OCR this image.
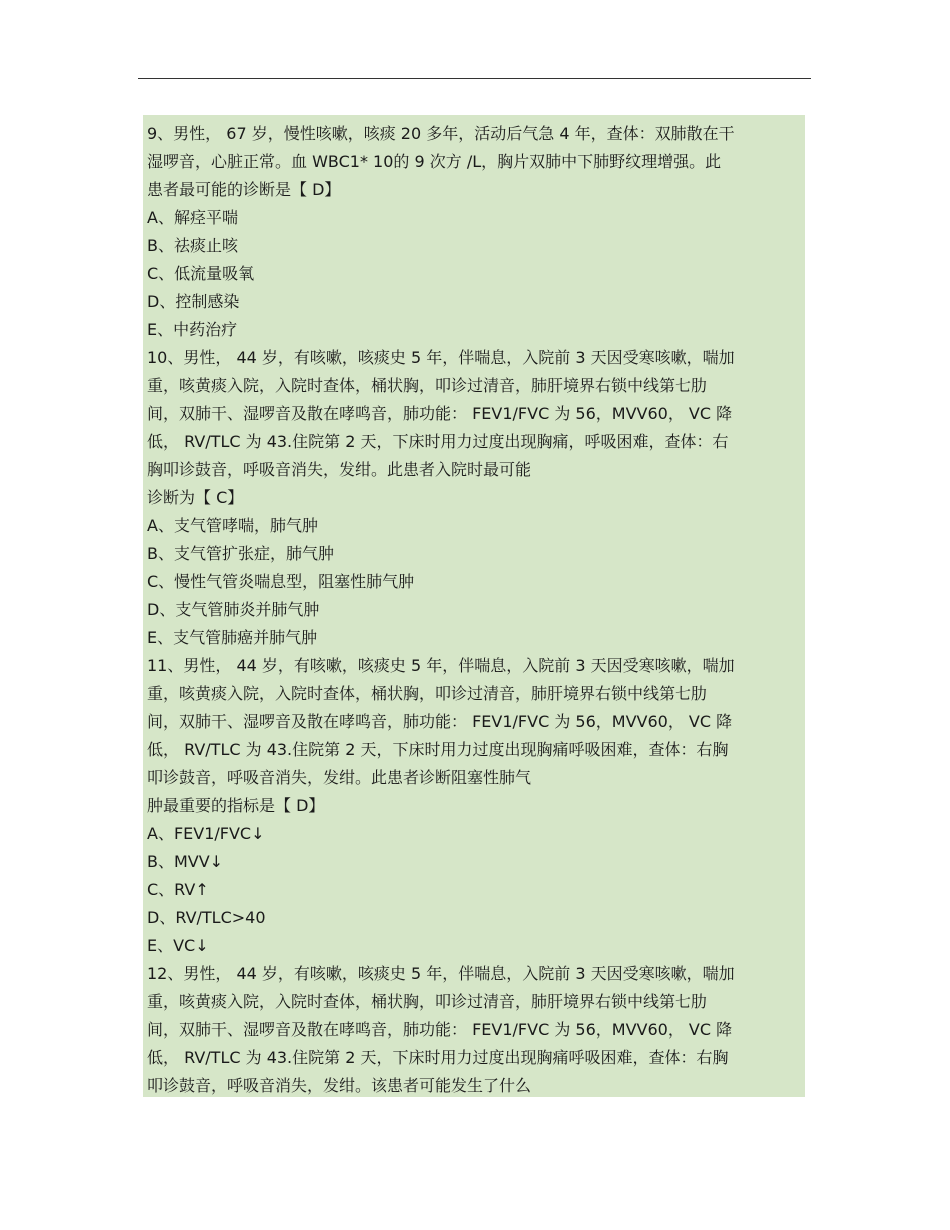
9、男性， 67 岁，慢性咳嗽，咳痰 20 多年，活动后气急 4 年，查体：双肺散在干
湿啰音，心脏正常。血 WBC1* 10的 9 次方 /L，胸片双肺中下肺野纹理增强。此
患者最可能的诊断是【 D】
A、解痉平喘
B、祛痰止咳
C、低流量吸氧
D、控制感染
E、中药治疗
10、男性， 44 岁，有咳嗽，咳痰史 5 年，伴喘息，入院前 3 天因受寒咳嗽，喘加
重，咳黄痰入院，入院时查体，桶状胸，叩诊过清音，肺肝境界右锁中线第七肋
间，双肺干、湿啰音及散在哮鸣音，肺功能： FEV1/FVC 为 56，MVV60， VC 降
低， RV/TLC 为 43.住院第 2 天，下床时用力过度出现胸痛，呼吸困难，查体：右
胸叩诊鼓音，呼吸音消失，发绀。此患者入院时最可能
诊断为【 C】
A、支气管哮喘，肺气肿
B、支气管扩张症，肺气肿
C、慢性气管炎喘息型，阻塞性肺气肿
D、支气管肺炎并肺气肿
E、支气管肺癌并肺气肿
11、男性， 44 岁，有咳嗽，咳痰史 5 年，伴喘息，入院前 3 天因受寒咳嗽，喘加
重，咳黄痰入院，入院时查体，桶状胸，叩诊过清音，肺肝境界右锁中线第七肋
间，双肺干、湿啰音及散在哮鸣音，肺功能： FEV1/FVC 为 56，MVV60， VC 降
低， RV/TLC 为 43.住院第 2 天，下床时用力过度出现胸痛呼吸困难，查体：右胸
叩诊鼓音，呼吸音消失，发绀。此患者诊断阻塞性肺气
肿最重要的指标是【 D】
A、FEV1/FVC↓
B、MVV↓
C、RV↑
D、RV/TLC>40
E、VC↓
12、男性， 44 岁，有咳嗽，咳痰史 5 年，伴喘息，入院前 3 天因受寒咳嗽，喘加
重，咳黄痰入院，入院时查体，桶状胸，叩诊过清音，肺肝境界右锁中线第七肋
间，双肺干、湿啰音及散在哮鸣音，肺功能： FEV1/FVC 为 56，MVV60， VC 降
低， RV/TLC 为 43.住院第 2 天，下床时用力过度出现胸痛呼吸困难，查体：右胸
叩诊鼓音，呼吸音消失，发绀。该患者可能发生了什么
